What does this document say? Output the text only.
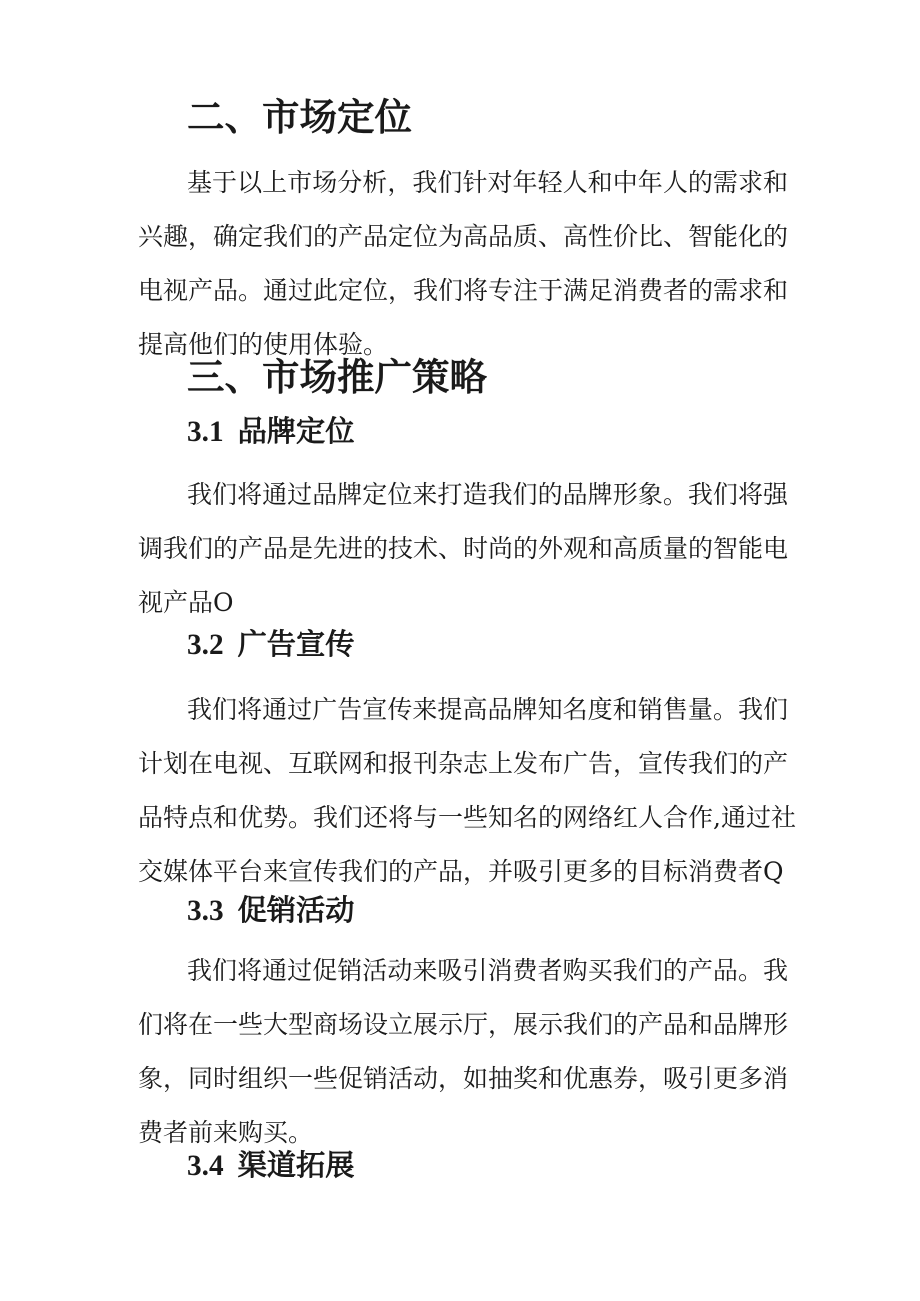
二、市场定位
基于以上市场分析，我们针对年轻人和中年人的需求和
兴趣，确定我们的产品定位为高品质、高性价比、智能化的
电视产品。通过此定位，我们将专注于满足消费者的需求和
提高他们的使用体验。
三、市场推广策略
3.1 品牌定位
我们将通过品牌定位来打造我们的品牌形象。我们将强
调我们的产品是先进的技术、时尚的外观和高质量的智能电
视产品O
3.2 广告宣传
我们将通过广告宣传来提高品牌知名度和销售量。我们
计划在电视、互联网和报刊杂志上发布广告，宣传我们的产
品特点和优势。我们还将与一些知名的网络红人合作,通过社
交媒体平台来宣传我们的产品，并吸引更多的目标消费者Q
3.3 促销活动
我们将通过促销活动来吸引消费者购买我们的产品。我
们将在一些大型商场设立展示厅，展示我们的产品和品牌形
象，同时组织一些促销活动，如抽奖和优惠券，吸引更多消
费者前来购买。
3.4 渠道拓展
